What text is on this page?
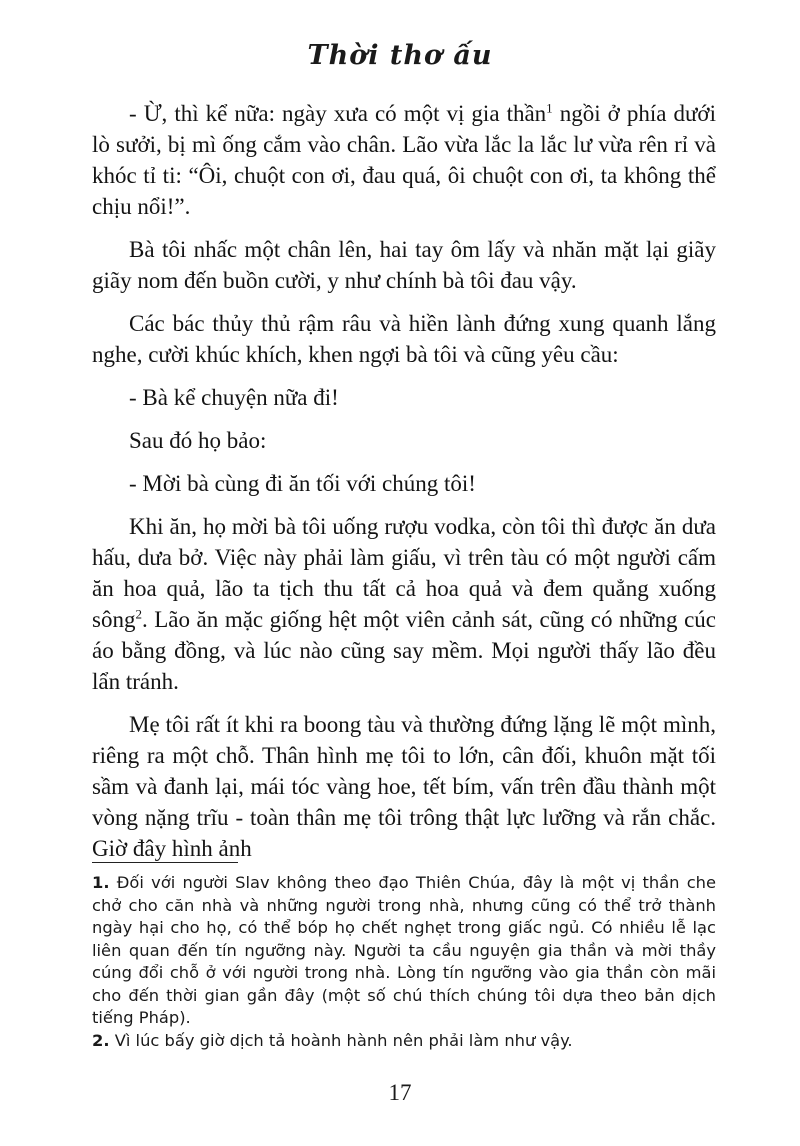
Thời thơ ấu

- Ừ, thì kể nữa: ngày xưa có một vị gia thần$^1$ ngồi ở phía dưới lò sưởi, bị mì ống cắm vào chân. Lão vừa lắc la lắc lư vừa rên rỉ và khóc tỉ ti: “Ôi, chuột con ơi, đau quá, ôi chuột con ơi, ta không thể chịu nổi!”.

Bà tôi nhấc một chân lên, hai tay ôm lấy và nhăn mặt lại giãy giãy nom đến buồn cười, y như chính bà tôi đau vậy.

Các bác thủy thủ rậm râu và hiền lành đứng xung quanh lắng nghe, cười khúc khích, khen ngợi bà tôi và cũng yêu cầu:

- Bà kể chuyện nữa đi!

Sau đó họ bảo:

- Mời bà cùng đi ăn tối với chúng tôi!

Khi ăn, họ mời bà tôi uống rượu vodka, còn tôi thì được ăn dưa hấu, dưa bở. Việc này phải làm giấu, vì trên tàu có một người cấm ăn hoa quả, lão ta tịch thu tất cả hoa quả và đem quẳng xuống sông$^2$. Lão ăn mặc giống hệt một viên cảnh sát, cũng có những cúc áo bằng đồng, và lúc nào cũng say mềm. Mọi người thấy lão đều lẩn tránh.

Mẹ tôi rất ít khi ra boong tàu và thường đứng lặng lẽ một mình, riêng ra một chỗ. Thân hình mẹ tôi to lớn, cân đối, khuôn mặt tối sầm và đanh lại, mái tóc vàng hoe, tết bím, vấn trên đầu thành một vòng nặng trĩu - toàn thân mẹ tôi trông thật lực lưỡng và rắn chắc. Giờ đây hình ảnh

1. Đối với người Slav không theo đạo Thiên Chúa, đây là một vị thần che chở cho căn nhà và những người trong nhà, nhưng cũng có thể trở thành ngày hại cho họ, có thể bóp họ chết nghẹt trong giấc ngủ. Có nhiều lễ lạc liên quan đến tín ngưỡng này. Người ta cầu nguyện gia thần và mời thầy cúng đổi chỗ ở với người trong nhà. Lòng tín ngưỡng vào gia thần còn mãi cho đến thời gian gần đây (một số chú thích chúng tôi dựa theo bản dịch tiếng Pháp).

2. Vì lúc bấy giờ dịch tả hoành hành nên phải làm như vậy.

17
